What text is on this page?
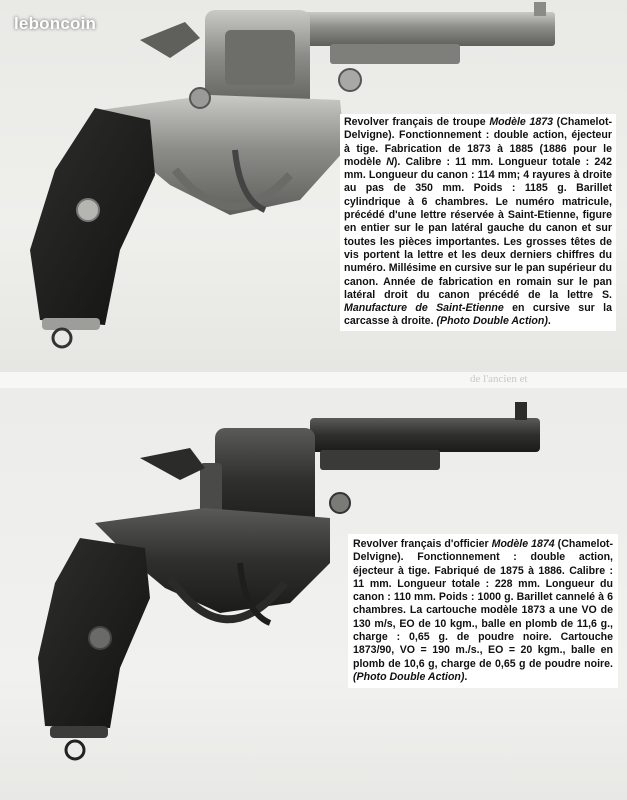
leboncoin

Revolver français de troupe Modèle 1873 (Chamelot-Delvigne). Fonctionnement : double action, éjecteur à tige. Fabrication de 1873 à 1885 (1886 pour le modèle N). Calibre : 11 mm. Longueur totale : 242 mm. Longueur du canon : 114 mm; 4 rayures à droite au pas de 350 mm. Poids : 1185 g. Barillet cylindrique à 6 chambres. Le numéro matricule, précédé d'une lettre réservée à Saint-Etienne, figure en entier sur le pan latéral gauche du canon et sur toutes les pièces importantes. Les grosses têtes de vis portent la lettre et les deux derniers chiffres du numéro. Millésime en cursive sur le pan supérieur du canon. Année de fabrication en romain sur le pan latéral droit du canon précédé de la lettre S. Manufacture de Saint-Etienne en cursive sur la carcasse à droite. (Photo Double Action).

de l'ancien et

Revolver français d'officier Modèle 1874 (Chamelot-Delvigne). Fonctionnement : double action, éjecteur à tige. Fabriqué de 1875 à 1886. Calibre : 11 mm. Longueur totale : 228 mm. Longueur du canon : 110 mm. Poids : 1000 g. Barillet cannelé à 6 chambres. La cartouche modèle 1873 a une VO de 130 m/s, EO de 10 kgm., balle en plomb de 11,6 g., charge : 0,65 g. de poudre noire. Cartouche 1873/90, VO = 190 m./s., EO = 20 kgm., balle en plomb de 10,6 g, charge de 0,65 g de poudre noire. (Photo Double Action).
